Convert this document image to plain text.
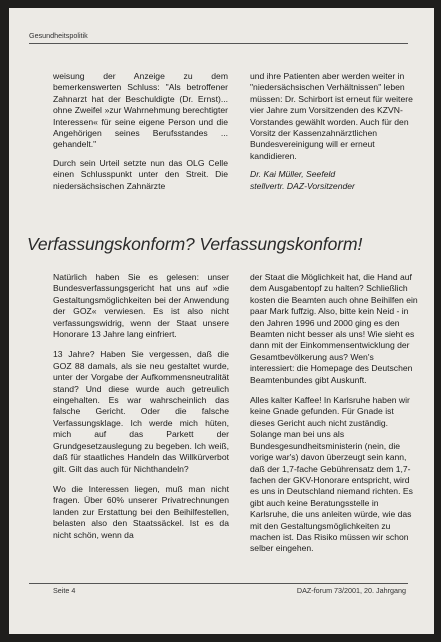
Gesundheitspolitik

weisung der Anzeige zu dem bemerkenswerten Schluss: "Als betroffener Zahnarzt hat der Beschuldigte (Dr. Ernst)... ohne Zweifel »zur Wahrnehmung berechtigter Interessen« für seine eigene Person und die Angehörigen seines Berufsstandes ... gehandelt."

Durch sein Urteil setzte nun das OLG Celle einen Schlusspunkt unter den Streit. Die niedersächsischen Zahnärzte

und ihre Patienten aber werden weiter in "niedersächsischen Verhältnissen" leben müssen: Dr. Schirbort ist erneut für weitere vier Jahre zum Vorsitzenden des KZVN-Vorstandes gewählt worden. Auch für den Vorsitz der Kassenzahnärztlichen Bundesvereinigung will er erneut kandidieren.

Dr. Kai Müller, Seefeld
stellvertr. DAZ-Vorsitzender
Verfassungskonform? Verfassungskonform!

Natürlich haben Sie es gelesen: unser Bundesverfassungsgericht hat uns auf »die Gestaltungsmöglichkeiten bei der Anwendung der GOZ« verwiesen. Es ist also nicht verfassungswidrig, wenn der Staat unsere Honorare 13 Jahre lang einfriert.

13 Jahre? Haben Sie vergessen, daß die GOZ 88 damals, als sie neu gestaltet wurde, unter der Vorgabe der Aufkommensneutralität stand? Und diese wurde auch getreulich eingehalten. Es war wahrscheinlich das falsche Gericht. Oder die falsche Verfassungsklage. Ich werde mich hüten, mich auf das Parkett der Grundgesetzauslegung zu begeben. Ich weiß, daß für staatliches Handeln das Willkürverbot gilt. Gilt das auch für Nichthandeln?

Wo die Interessen liegen, muß man nicht fragen. Über 60% unserer Privatrechnungen landen zur Erstattung bei den Beihilfestellen, belasten also den Staatssäckel. Ist es da nicht schön, wenn da

der Staat die Möglichkeit hat, die Hand auf dem Ausgabentopf zu halten? Schließlich kosten die Beamten auch ohne Beihilfen ein paar Mark fuffzig. Also, bitte kein Neid - in den Jahren 1996 und 2000 ging es den Beamten nicht besser als uns! Wie sieht es dann mit der Einkommensentwicklung der Gesamtbevölkerung aus? Wen's interessiert: die Homepage des Deutschen Beamtenbundes gibt Auskunft.

Alles kalter Kaffee! In Karlsruhe haben wir keine Gnade gefunden. Für Gnade ist dieses Gericht auch nicht zuständig. Solange man bei uns als Bundesgesundheitsministerin (nein, die vorige war's) davon überzeugt sein kann, daß der 1,7-fache Gebührensatz dem 1,7-fachen der GKV-Honorare entspricht, wird es uns in Deutschland niemand richten. Es gibt auch keine Beratungsstelle in Karlsruhe, die uns anleiten würde, wie das mit den Gestaltungsmöglichkeiten zu machen ist. Das Risiko müssen wir schon selber eingehen.

Seite 4	DAZ-forum 73/2001, 20. Jahrgang
